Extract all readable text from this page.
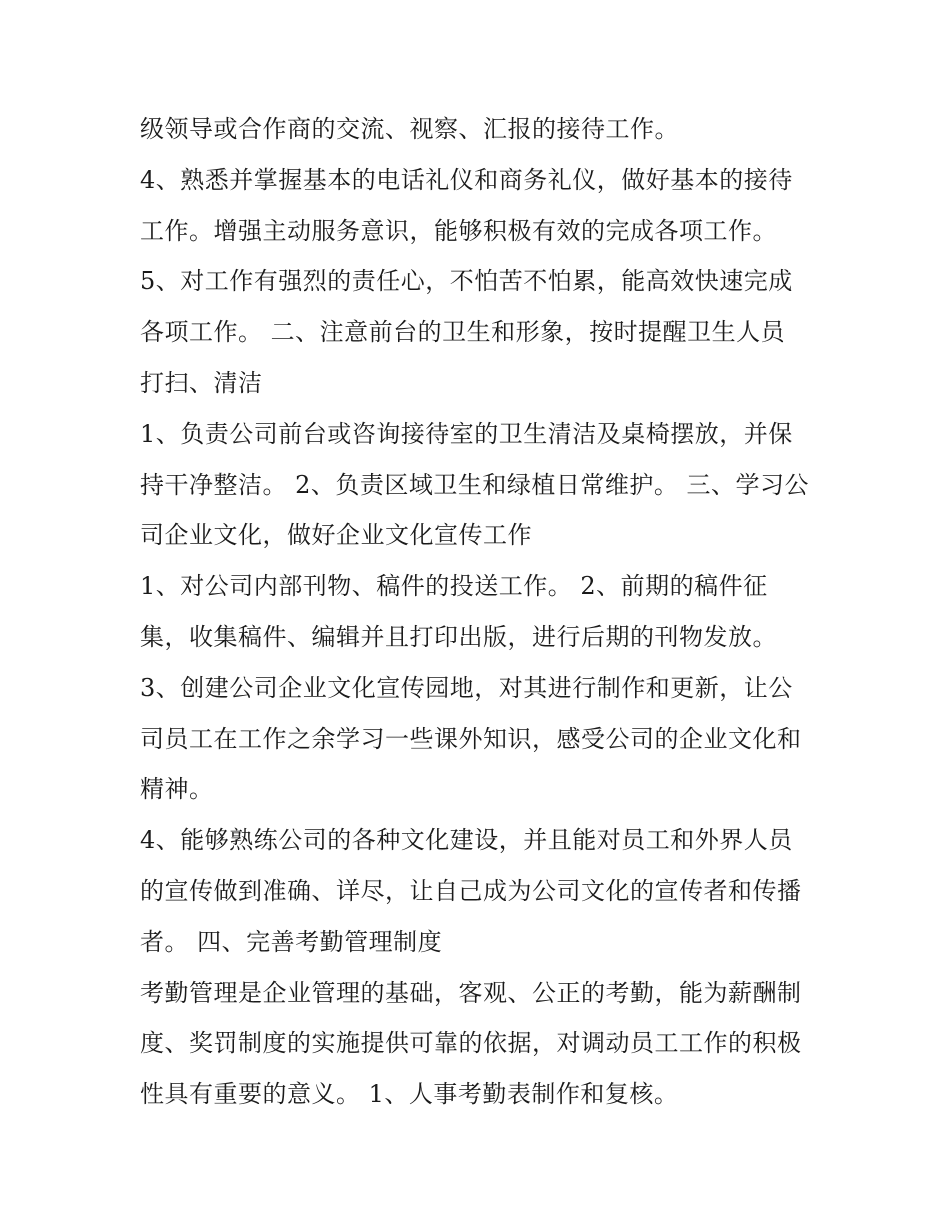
级领导或合作商的交流、视察、汇报的接待工作。
4、熟悉并掌握基本的电话礼仪和商务礼仪，做好基本的接待
工作。增强主动服务意识，能够积极有效的完成各项工作。
5、对工作有强烈的责任心，不怕苦不怕累，能高效快速完成
各项工作。 二、注意前台的卫生和形象，按时提醒卫生人员
打扫、清洁
1、负责公司前台或咨询接待室的卫生清洁及桌椅摆放，并保
持干净整洁。 2、负责区域卫生和绿植日常维护。 三、学习公
司企业文化，做好企业文化宣传工作
1、对公司内部刊物、稿件的投送工作。 2、前期的稿件征
集，收集稿件、编辑并且打印出版，进行后期的刊物发放。
3、创建公司企业文化宣传园地，对其进行制作和更新，让公
司员工在工作之余学习一些课外知识，感受公司的企业文化和
精神。
4、能够熟练公司的各种文化建设，并且能对员工和外界人员
的宣传做到准确、详尽，让自己成为公司文化的宣传者和传播
者。 四、完善考勤管理制度
考勤管理是企业管理的基础，客观、公正的考勤，能为薪酬制
度、奖罚制度的实施提供可靠的依据，对调动员工工作的积极
性具有重要的意义。 1、人事考勤表制作和复核。
